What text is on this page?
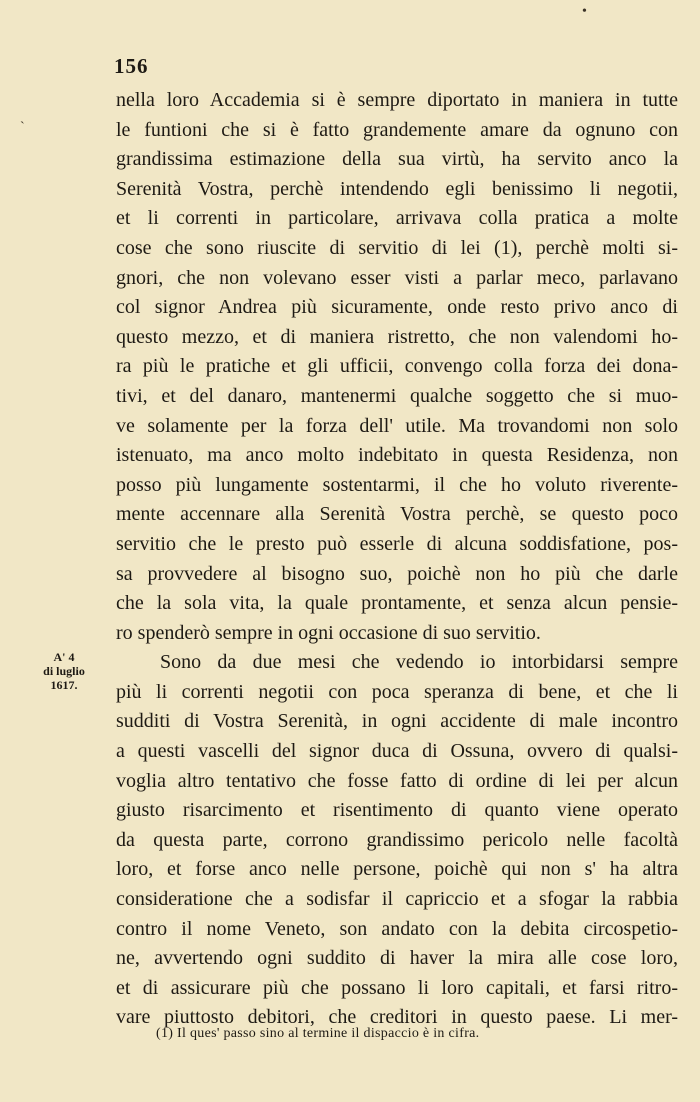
•
ˋ
156
nella loro Accademia si è sempre diportato in maniera in tutte
le funtioni che si è fatto grandemente amare da ognuno con
grandissima estimazione della sua virtù, ha servito anco la
Serenità Vostra, perchè intendendo egli benissimo li negotii,
et li correnti in particolare, arrivava colla pratica a molte
cose che sono riuscite di servitio di lei (1), perchè molti si-
gnori, che non volevano esser visti a parlar meco, parlavano
col signor Andrea più sicuramente, onde resto privo anco di
questo mezzo, et di maniera ristretto, che non valendomi ho-
ra più le pratiche et gli ufficii, convengo colla forza dei dona-
tivi, et del danaro, mantenermi qualche soggetto che si muo-
ve solamente per la forza dell' utile. Ma trovandomi non solo
istenuato, ma anco molto indebitato in questa Residenza, non
posso più lungamente sostentarmi, il che ho voluto riverente-
mente accennare alla Serenità Vostra perchè, se questo poco
servitio che le presto può esserle di alcuna soddisfatione, pos-
sa provvedere al bisogno suo, poichè non ho più che darle
che la sola vita, la quale prontamente, et senza alcun pensie-
ro spenderò sempre in ogni occasione di suo servitio.
Sono da due mesi che vedendo io intorbidarsi sempre
più li correnti negotii con poca speranza di bene, et che li
sudditi di Vostra Serenità, in ogni accidente di male incontro
a questi vascelli del signor duca di Ossuna, ovvero di qualsi-
voglia altro tentativo che fosse fatto di ordine di lei per alcun
giusto risarcimento et risentimento di quanto viene operato
da questa parte, corrono grandissimo pericolo nelle facoltà
loro, et forse anco nelle persone, poichè qui non s' ha altra
consideratione che a sodisfar il capriccio et a sfogar la rabbia
contro il nome Veneto, son andato con la debita circospetio-
ne, avvertendo ogni suddito di haver la mira alle cose loro,
et di assicurare più che possano li loro capitali, et farsi ritro-
vare piuttosto debitori, che creditori in questo paese. Li mer-
A' 4
di luglio
1617.
(1) Il ques' passo sino al termine il dispaccio è in cifra.
